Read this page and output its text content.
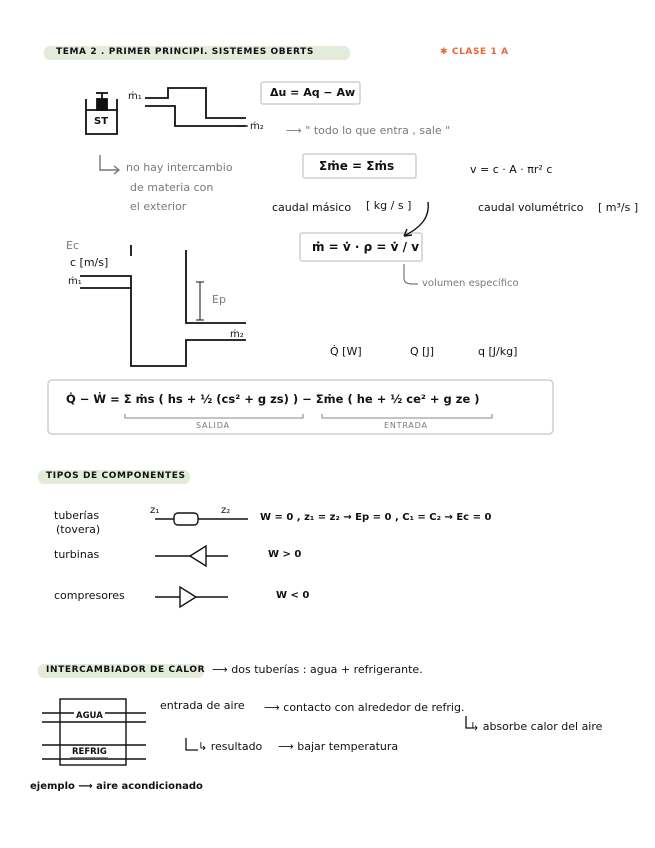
TEMA 2 . PRIMER PRINCIPI. SISTEMES OBERTS	✱ CLASE 1 A
ST
ṁ₁
ṁ₂
Δu = Aq − Aw
⟶ " todo lo que entra , sale "
Σṁe = Σṁs	v = c · A · πr² c
no hay intercambio
de materia con
el exterior	caudal másico [ kg / s ]	caudal volumétrico [ m³/s ]
ṁ = v̇ · ρ = v̇ / v
volumen específico
Ec
c [m/s]
ṁ₁
Ep
ṁ₂
Q̇ [W]	Q [J]	q [J/kg]
Q̇ − Ẇ = Σ ṁs ( hs + ½ (cs² + g zs) ) − Σṁe ( he + ½ ce² + g ze )
SALIDA	ENTRADA
TIPOS DE COMPONENTES
tuberías
(tovera)
z₁	z₂
W = 0 , z₁ = z₂ → Ep = 0 , C₁ = C₂ → Ec = 0
turbinas	W > 0
compresores	W < 0
INTERCAMBIADOR DE CALOR ⟶ dos tuberías : agua + refrigerante.
AGUA
REFRIG
entrada de aire ⟶ contacto con alrededor de refrig.
↳ absorbe calor del aire
↳ resultado ⟶ bajar temperatura
ejemplo ⟶ aire acondicionado
